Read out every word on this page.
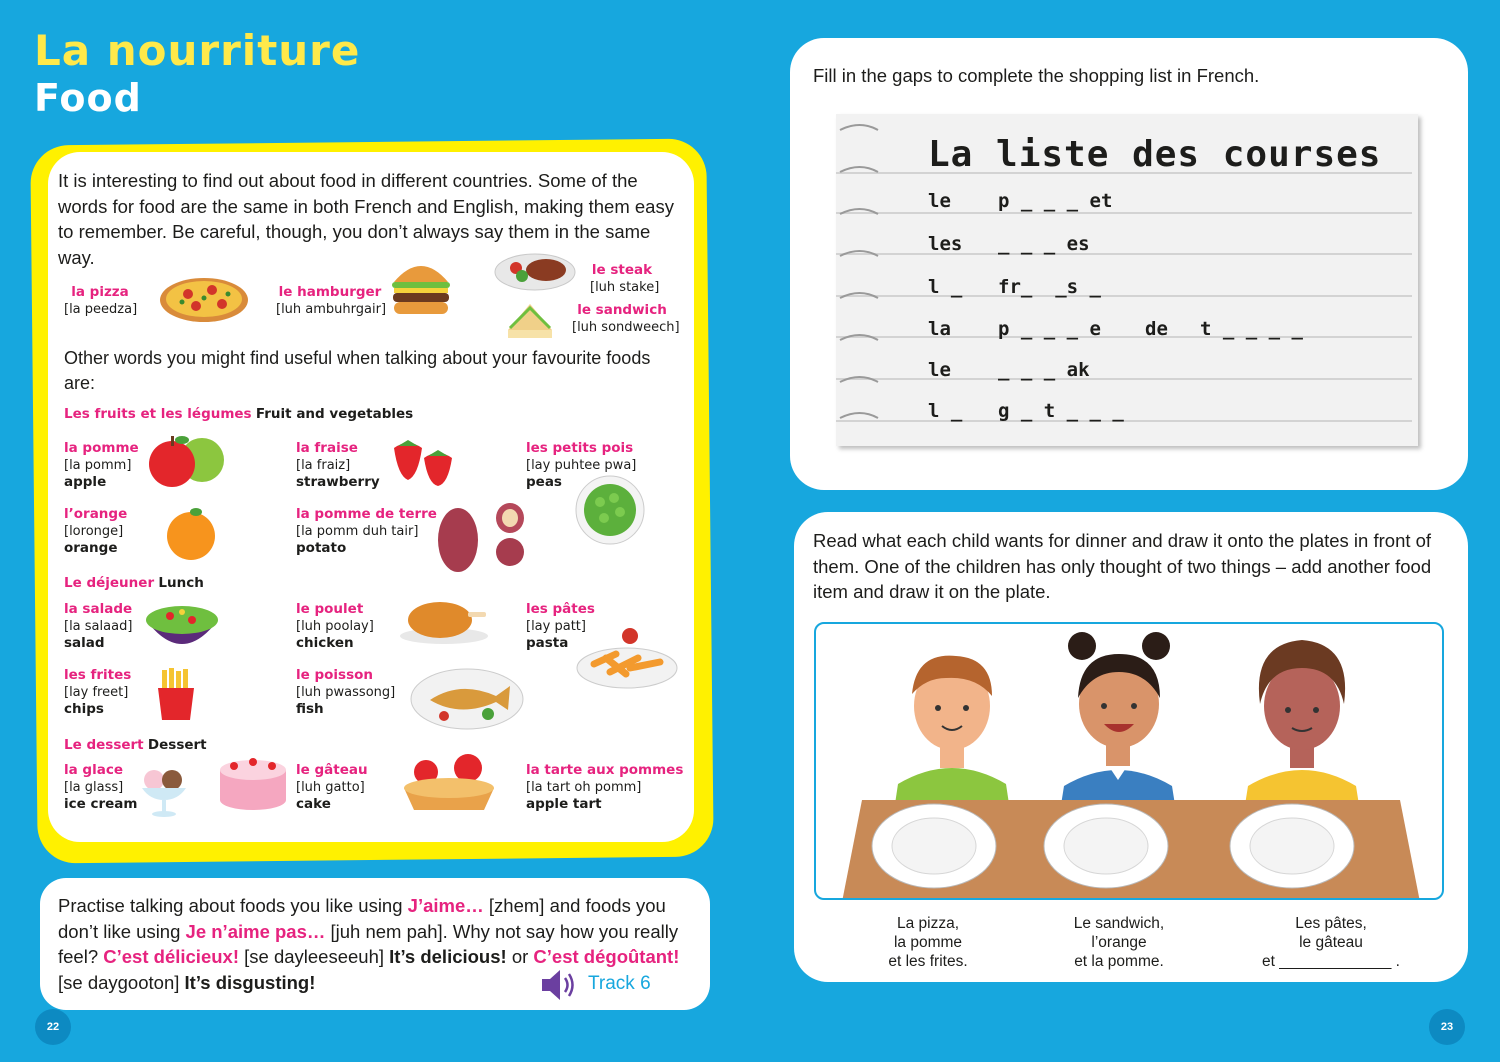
La nourriture
Food
It is interesting to find out about food in different countries. Some of the words for food are the same in both French and English, making them easy to remember. Be careful, though, you don’t always say them in the same way.
la pizza
[la peedza]
le hamburger
[luh ambuhrgair]
le steak
[luh stake]
le sandwich
[luh sondweech]
Other words you might find useful when talking about your favourite foods are:
Les fruits et les légumes Fruit and vegetables
Le déjeuner Lunch
Le dessert Dessert
la pomme
[la pomm]
apple
la fraise
[la fraiz]
strawberry
les petits pois
[lay puhtee pwa]
peas
l’orange
[loronge]
orange
la pomme de terre
[la pomm duh tair]
potato
la salade
[la salaad]
salad
le poulet
[luh poolay]
chicken
les pâtes
[lay patt]
pasta
les frites
[lay freet]
chips
le poisson
[luh pwassong]
fish
la glace
[la glass]
ice cream
le gâteau
[luh gatto]
cake
la tarte aux pommes
[la tart oh pomm]
apple tart
Practise talking about foods you like using J’aime… [zhem] and foods you don’t like using Je n’aime pas… [juh nem pah]. Why not say how you really feel? C’est délicieux! [se dayleeseeuh] It’s delicious! or C’est dégoûtant! [se daygooton] It’s disgusting!	Track 6
22
Fill in the gaps to complete the shopping list in French.
La liste des courses
le p _ _ _ et
les _ _ _ es
l _ fr_  _s _
la p _ _ _ e de t _ _ _ _
le _ _ _ ak
l _ g _ t _ _ _
Read what each child wants for dinner and draw it onto the plates in front of them. One of the children has only thought of two things – add another food item and draw it on the plate.
La pizza,
la pomme
et les frites.
Le sandwich,
l’orange
et la pomme.
Les pâtes,
le gâteau
et _____________ .
23
